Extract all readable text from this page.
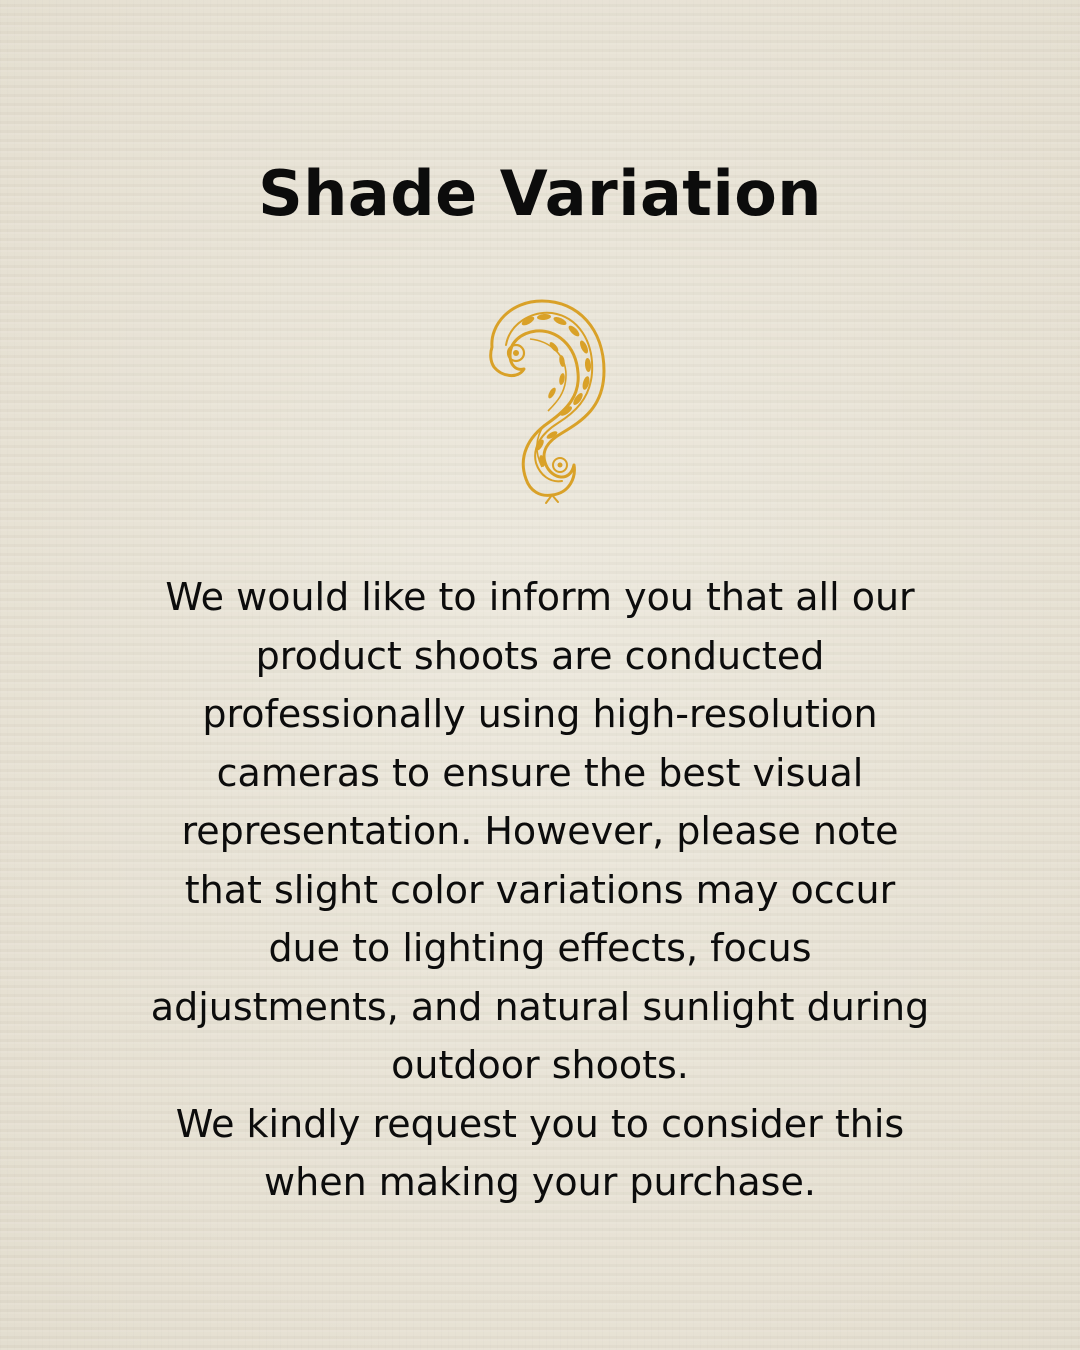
Shade Variation

We would like to inform you that all our
product shoots are conducted
professionally using high-resolution
cameras to ensure the best visual
representation. However, please note
that slight color variations may occur
due to lighting effects, focus
adjustments, and natural sunlight during
outdoor shoots.
We kindly request you to consider this
when making your purchase.
